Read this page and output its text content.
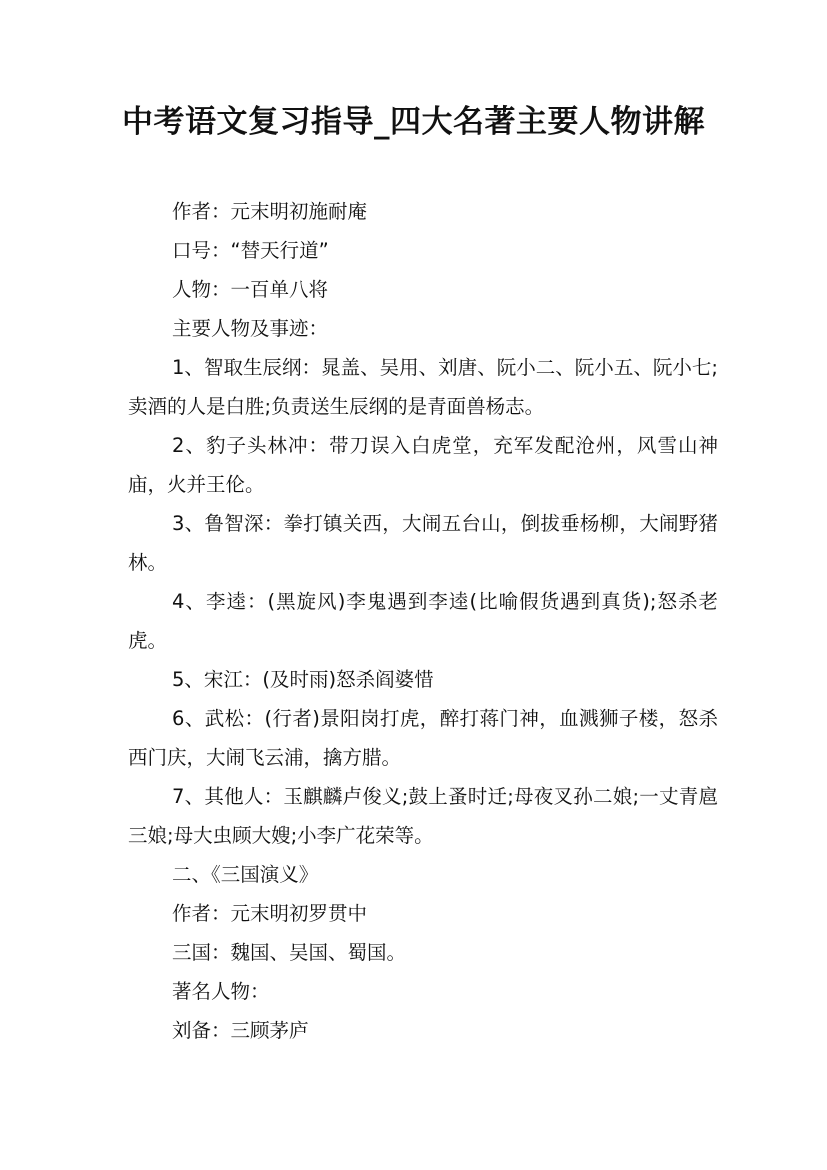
中考语文复习指导_四大名著主要人物讲解

作者：元末明初施耐庵

口号：“替天行道”

人物：一百单八将

主要人物及事迹：

1、智取生辰纲：晁盖、吴用、刘唐、阮小二、阮小五、阮小七;卖酒的人是白胜;负责送生辰纲的是青面兽杨志。

2、豹子头林冲：带刀误入白虎堂，充军发配沧州，风雪山神庙，火并王伦。

3、鲁智深：拳打镇关西，大闹五台山，倒拔垂杨柳，大闹野猪林。

4、李逵：(黑旋风)李鬼遇到李逵(比喻假货遇到真货);怒杀老虎。

5、宋江：(及时雨)怒杀阎婆惜

6、武松：(行者)景阳岗打虎，醉打蒋门神，血溅狮子楼，怒杀西门庆，大闹飞云浦，擒方腊。

7、其他人：玉麒麟卢俊义;鼓上蚤时迁;母夜叉孙二娘;一丈青扈三娘;母大虫顾大嫂;小李广花荣等。

二、《三国演义》

作者：元末明初罗贯中

三国：魏国、吴国、蜀国。

著名人物：

刘备：三顾茅庐
